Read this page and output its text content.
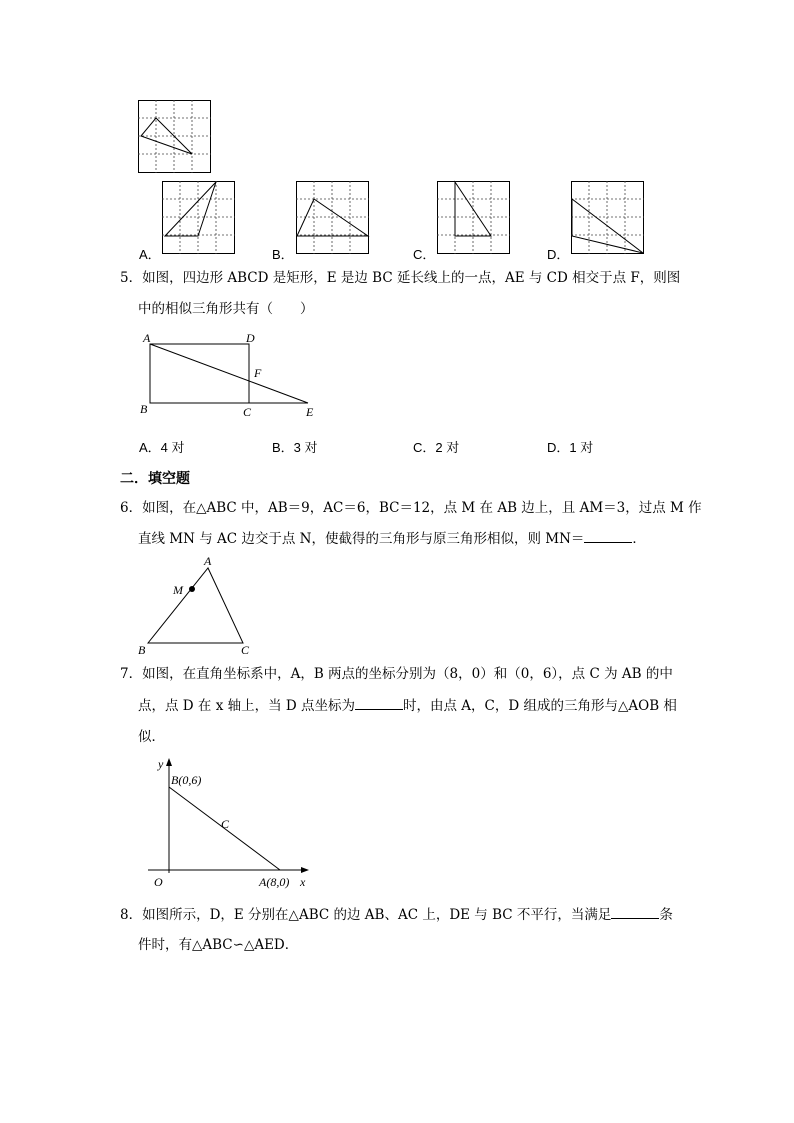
A．	B．	C．	D．
5．如图，四边形 ABCD 是矩形，E 是边 BC 延长线上的一点，AE 与 CD 相交于点 F，则图
中的相似三角形共有（　　）
A	D
F
B	C	E
A．4 对	B．3 对	C．2 对	D．1 对
二．填空题
6．如图，在△ABC 中，AB＝9，AC＝6，BC＝12，点 M 在 AB 边上，且 AM＝3，过点 M 作
直线 MN 与 AC 边交于点 N，使截得的三角形与原三角形相似，则 MN＝	．
A
M
B	C
7．如图，在直角坐标系中，A，B 两点的坐标分别为（8，0）和（0，6），点 C 为 AB 的中
点，点 D 在 x 轴上，当 D 点坐标为	时，由点 A，C，D 组成的三角形与△AOB 相
似．
y
B(0,6)
C
O	A(8,0) x
8．如图所示，D，E 分别在△ABC 的边 AB、AC 上，DE 与 BC 不平行，当满足	条
件时，有△ABC∽△AED．
